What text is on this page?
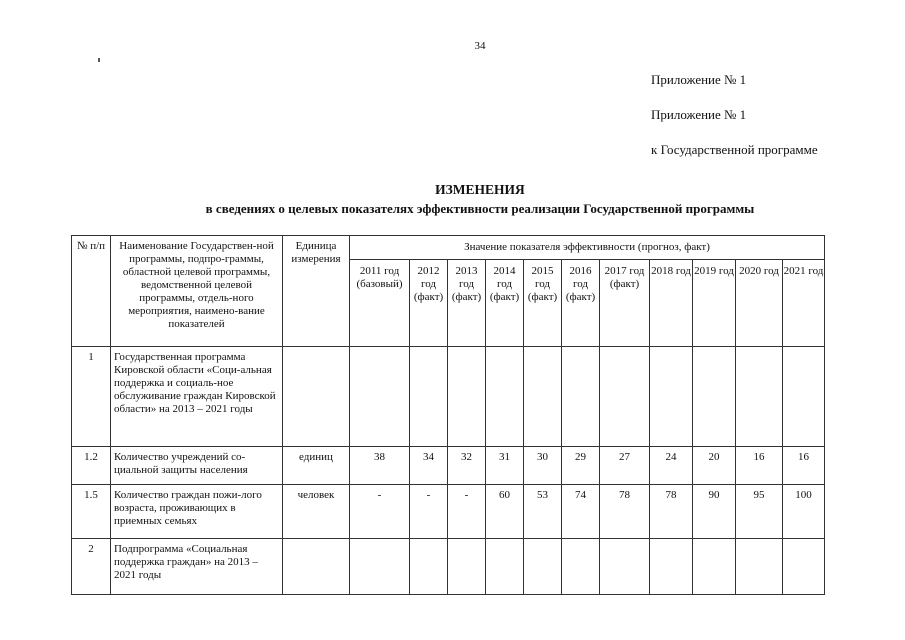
34
Приложение № 1
Приложение № 1
к Государственной программе
ИЗМЕНЕНИЯ
в сведениях о целевых показателях эффективности реализации Государственной программы
№ п/п	Наименование Государствен-ной программы, подпро-граммы, областной целевой программы, ведомственной целевой программы, отдель-ного мероприятия, наимено-вание показателей	Единица измерения	Значение показателя эффективности (прогноз, факт)										
			2011 год (базовый)	2012 год (факт)	2013 год (факт)	2014 год (факт)	2015 год (факт)	2016 год (факт)	2017 год (факт)	2018 год	2019 год	2020 год	2021 год
1	Государственная программа Кировской области «Соци-альная поддержка и социаль-ное обслуживание граждан Кировской области» на 2013 – 2021 годы												
1.2	Количество учреждений со-циальной защиты населения	единиц	38	34	32	31	30	29	27	24	20	16	16
1.5	Количество граждан пожи-лого возраста, проживающих в приемных семьях	человек	-	-	-	60	53	74	78	78	90	95	100
2	Подпрограмма «Социальная поддержка граждан» на 2013 – 2021 годы												
